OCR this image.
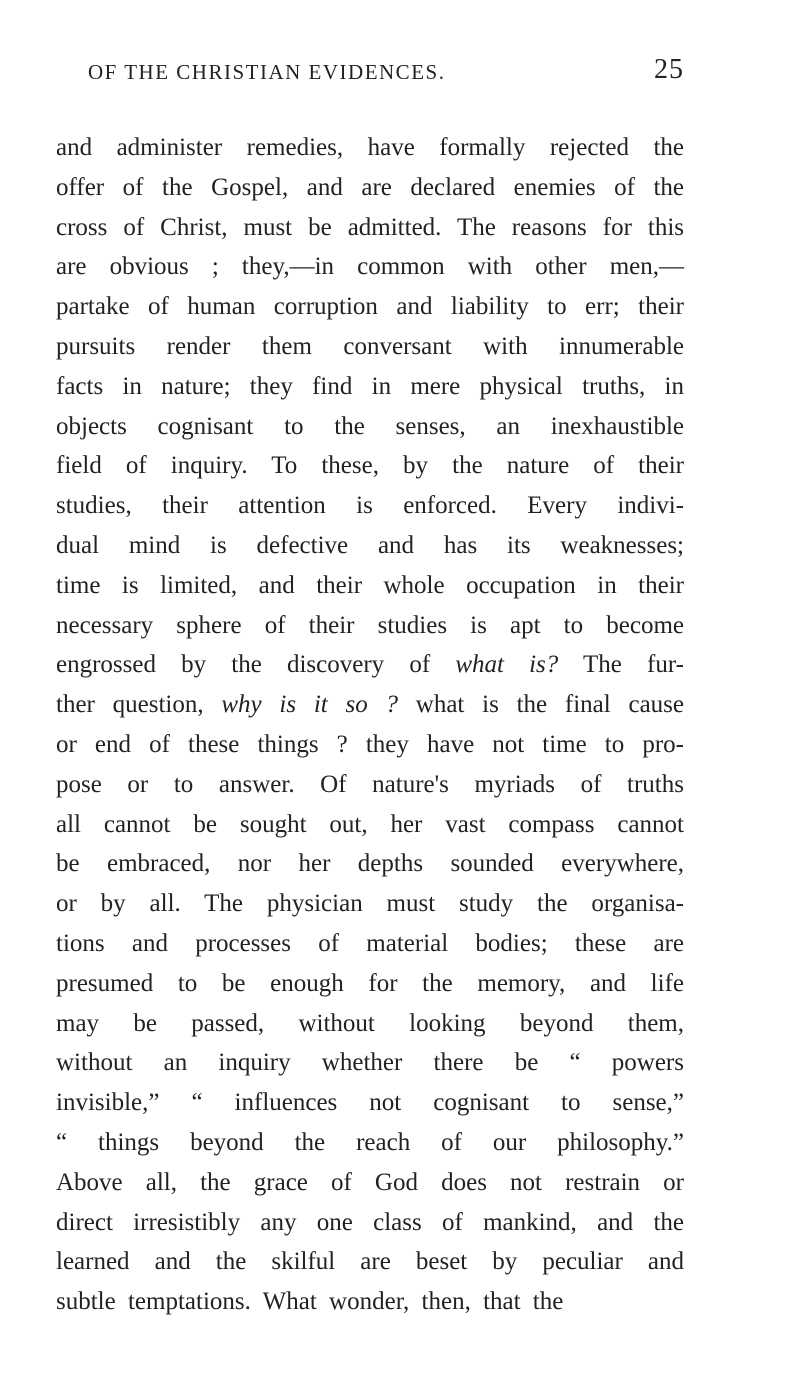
OF THE CHRISTIAN EVIDENCES.	25
and administer remedies, have formally rejected the
offer of the Gospel, and are declared enemies of the
cross of Christ, must be admitted. The reasons for this
are obvious ; they,—in common with other men,—
partake of human corruption and liability to err; their
pursuits render them conversant with innumerable
facts in nature; they find in mere physical truths, in
objects cognisant to the senses, an inexhaustible
field of inquiry. To these, by the nature of their
studies, their attention is enforced. Every indivi-
dual mind is defective and has its weaknesses;
time is limited, and their whole occupation in their
necessary sphere of their studies is apt to become
engrossed by the discovery of what is? The fur-
ther question, why is it so ? what is the final cause
or end of these things ? they have not time to pro-
pose or to answer. Of nature's myriads of truths
all cannot be sought out, her vast compass cannot
be embraced, nor her depths sounded everywhere,
or by all. The physician must study the organisa-
tions and processes of material bodies; these are
presumed to be enough for the memory, and life
may be passed, without looking beyond them,
without an inquiry whether there be “ powers
invisible,” “ influences not cognisant to sense,”
“ things beyond the reach of our philosophy.”
Above all, the grace of God does not restrain or
direct irresistibly any one class of mankind, and the
learned and the skilful are beset by peculiar and
subtle temptations. What wonder, then, that the
